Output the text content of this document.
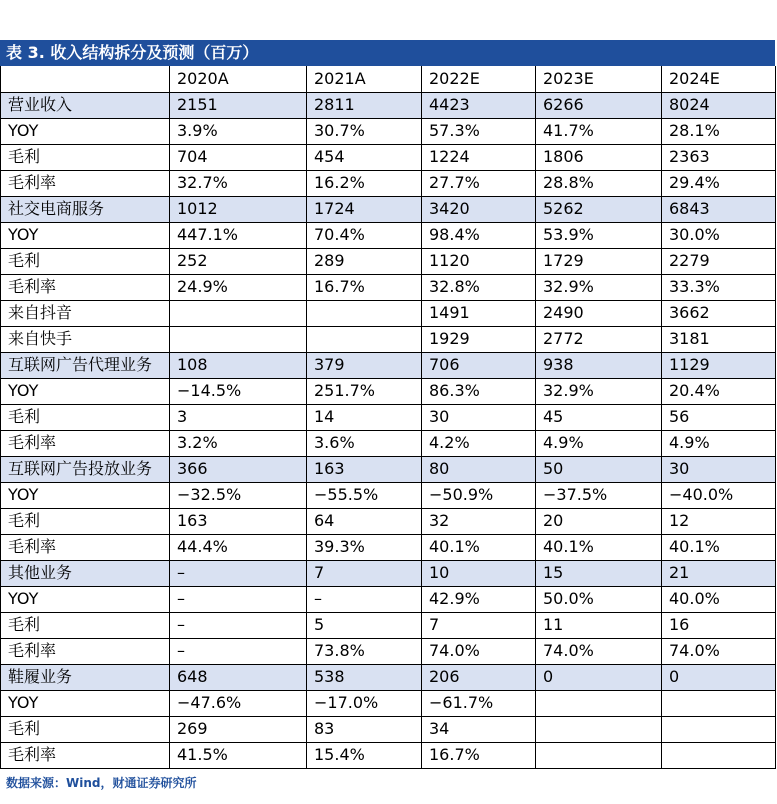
表 3. 收入结构拆分及预测（百万）
	2020A	2021A	2022E	2023E	2024E
营业收入	2151	2811	4423	6266	8024
YOY	3.9%	30.7%	57.3%	41.7%	28.1%
毛利	704	454	1224	1806	2363
毛利率	32.7%	16.2%	27.7%	28.8%	29.4%
社交电商服务	1012	1724	3420	5262	6843
YOY	447.1%	70.4%	98.4%	53.9%	30.0%
毛利	252	289	1120	1729	2279
毛利率	24.9%	16.7%	32.8%	32.9%	33.3%
来自抖音			1491	2490	3662
来自快手			1929	2772	3181
互联网广告代理业务	108	379	706	938	1129
YOY	−14.5%	251.7%	86.3%	32.9%	20.4%
毛利	3	14	30	45	56
毛利率	3.2%	3.6%	4.2%	4.9%	4.9%
互联网广告投放业务	366	163	80	50	30
YOY	−32.5%	−55.5%	−50.9%	−37.5%	−40.0%
毛利	163	64	32	20	12
毛利率	44.4%	39.3%	40.1%	40.1%	40.1%
其他业务	–	7	10	15	21
YOY	–	–	42.9%	50.0%	40.0%
毛利	–	5	7	11	16
毛利率	–	73.8%	74.0%	74.0%	74.0%
鞋履业务	648	538	206	0	0
YOY	−47.6%	−17.0%	−61.7%		
毛利	269	83	34		
毛利率	41.5%	15.4%	16.7%		
数据来源：Wind，财通证券研究所
